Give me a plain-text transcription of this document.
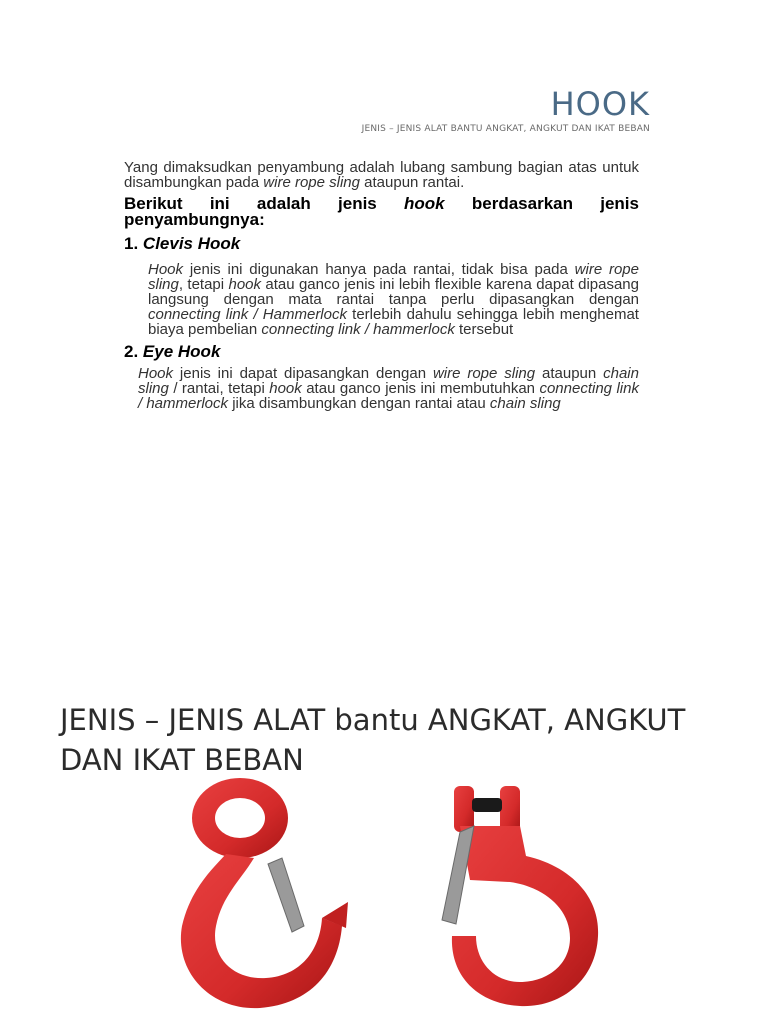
HOOK
JENIS – JENIS ALAT BANTU ANGKAT, ANGKUT DAN IKAT BEBAN
Yang dimaksudkan penyambung adalah lubang sambung bagian atas untuk disambungkan pada wire rope sling ataupun rantai.
Berikut ini adalah jenis hook berdasarkan jenis penyambungnya:
1. Clevis Hook
Hook jenis ini digunakan hanya pada rantai, tidak bisa pada wire rope sling, tetapi hook atau ganco jenis ini lebih flexible karena dapat dipasang langsung dengan mata rantai tanpa perlu dipasangkan dengan connecting link / Hammerlock terlebih dahulu sehingga lebih menghemat biaya pembelian connecting link / hammerlock tersebut
2. Eye Hook
Hook jenis ini dapat dipasangkan dengan wire rope sling ataupun chain sling / rantai, tetapi hook atau ganco jenis ini membutuhkan connecting link / hammerlock jika disambungkan dengan rantai atau chain sling
JENIS – JENIS ALAT bantu ANGKAT, ANGKUT
DAN IKAT BEBAN
